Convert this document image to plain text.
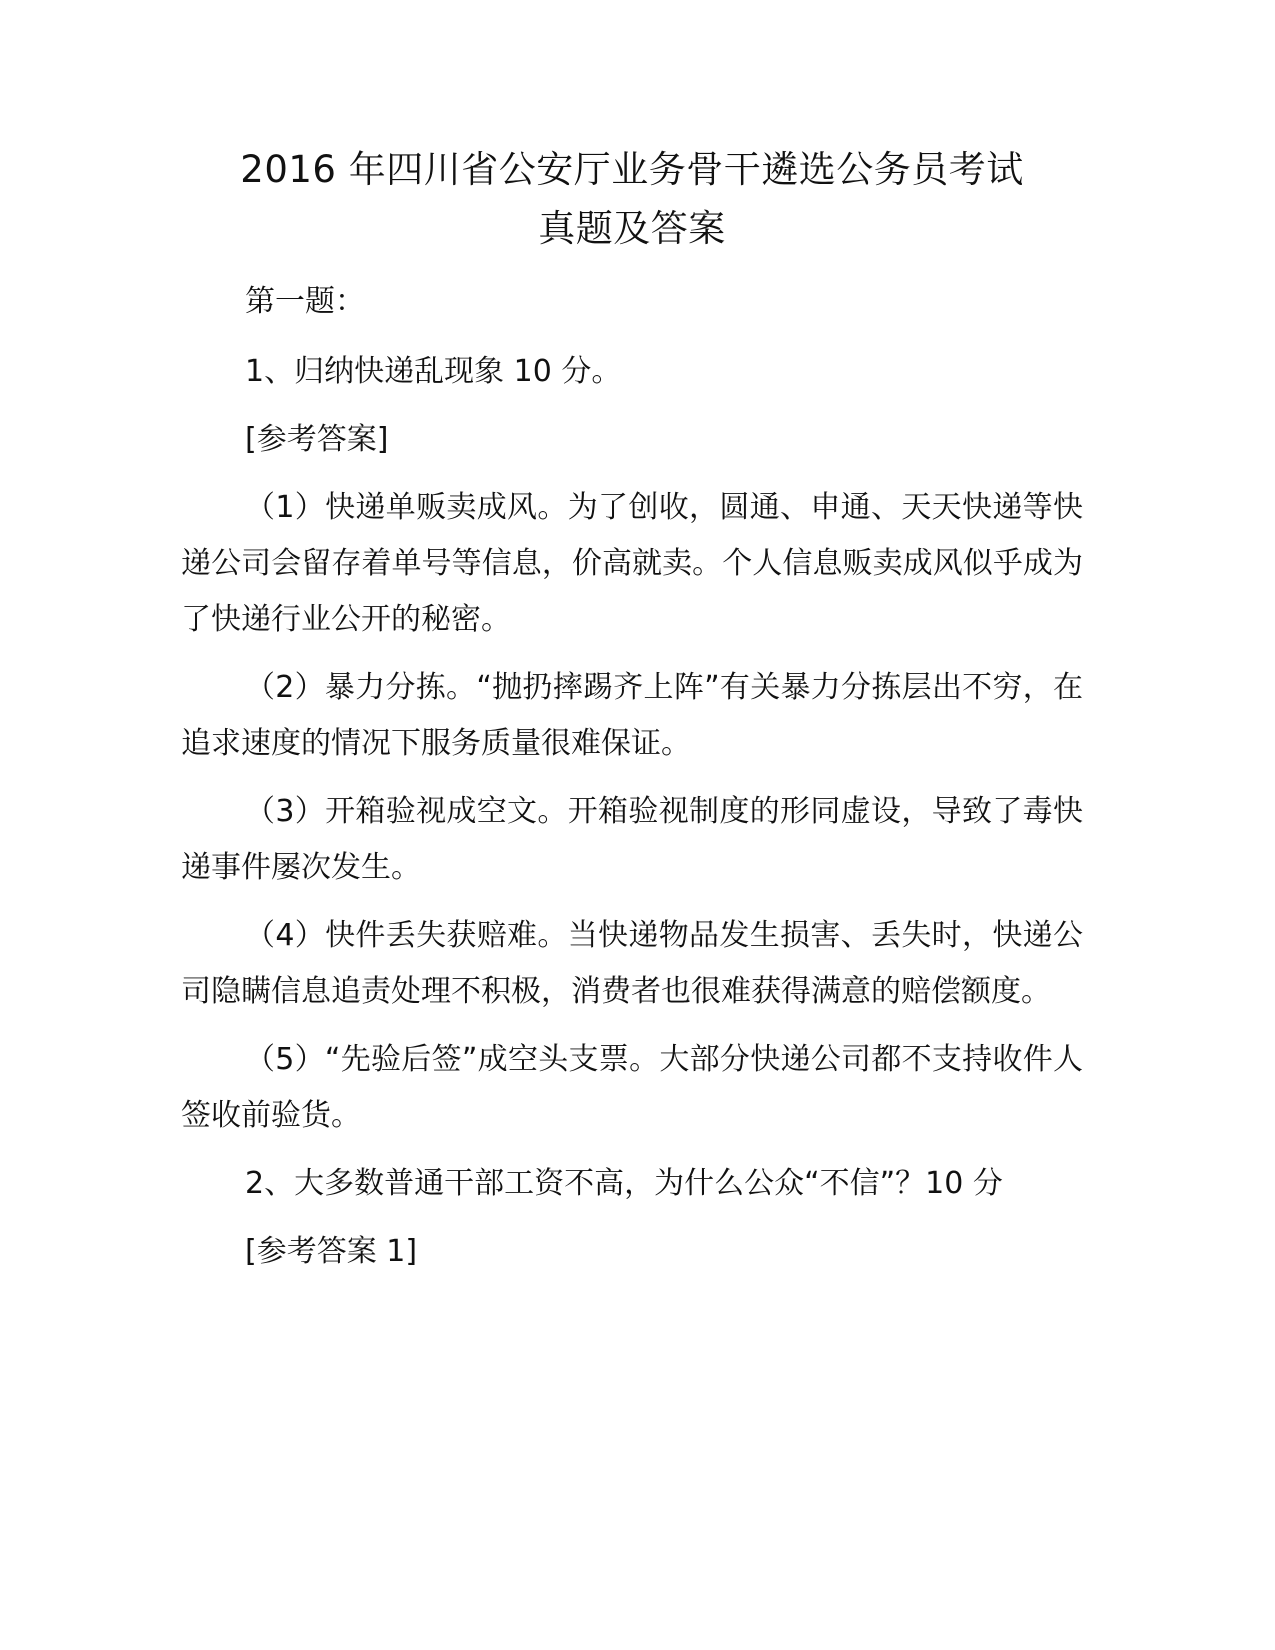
2016 年四川省公安厅业务骨干遴选公务员考试
真题及答案

第一题：

1、归纳快递乱现象 10 分。

[参考答案]

（1）快递单贩卖成风。为了创收，圆通、申通、天天快递等快递公司会留存着单号等信息，价高就卖。个人信息贩卖成风似乎成为了快递行业公开的秘密。

（2）暴力分拣。“抛扔摔踢齐上阵”有关暴力分拣层出不穷，在追求速度的情况下服务质量很难保证。

（3）开箱验视成空文。开箱验视制度的形同虚设，导致了毒快递事件屡次发生。

（4）快件丢失获赔难。当快递物品发生损害、丢失时，快递公司隐瞒信息追责处理不积极，消费者也很难获得满意的赔偿额度。

（5）“先验后签”成空头支票。大部分快递公司都不支持收件人签收前验货。

2、大多数普通干部工资不高，为什么公众“不信”？10 分

[参考答案 1]
